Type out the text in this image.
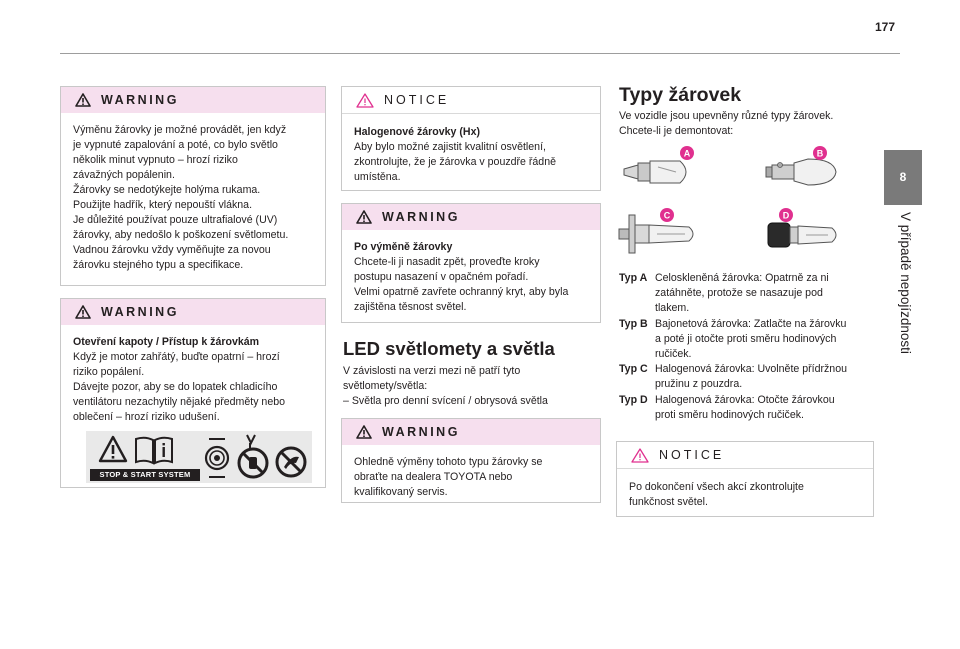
177
8
V případě nepojízdnosti
WARNING

Výměnu žárovky je možné provádět, jen když

je vypnuté zapalování a poté, co bylo světlo

několik minut vypnuto – hrozí riziko

závažných popálenin.

Žárovky se nedotýkejte holýma rukama.

Použijte hadřík, který nepouští vlákna.

Je důležité používat pouze ultrafialové (UV)

žárovky, aby nedošlo k poškození světlometu.

Vadnou žárovku vždy vyměňujte za novou

žárovku stejného typu a specifikace.

WARNING

Otevření kapoty / Přístup k žárovkám

Když je motor zahřátý, buďte opatrní – hrozí

riziko popálení.

Dávejte pozor, aby se do lopatek chladicího

ventilátoru nezachytily nějaké předměty nebo

oblečení – hrozí riziko udušení.

STOP & START SYSTEM
NOTICE

Halogenové žárovky (Hx)

Aby bylo možné zajistit kvalitní osvětlení,

zkontrolujte, že je žárovka v pouzdře řádně

umístěna.

WARNING

Po výměně žárovky

Chcete-li ji nasadit zpět, proveďte kroky

postupu nasazení v opačném pořadí.

Velmi opatrně zavřete ochranný kryt, aby byla

zajištěna těsnost světel.

LED světlomety a světla

V závislosti na verzi mezi ně patří tyto

světlomety/světla:

– Světla pro denní svícení / obrysová světla

WARNING

Ohledně výměny tohoto typu žárovky se

obraťte na dealera TOYOTA nebo

kvalifikovaný servis.

Typy žárovek

Ve vozidle jsou upevněny různé typy žárovek.

Chcete-li je demontovat:

A	B
C	D
Typ A Celoskleněná žárovka: Opatrně za ni
zatáhněte, protože se nasazuje pod
tlakem.
Typ B Bajonetová žárovka: Zatlačte na žárovku
a poté ji otočte proti směru hodinových
ručiček.
Typ C Halogenová žárovka: Uvolněte přídržnou
pružinu z pouzdra.
Typ D Halogenová žárovka: Otočte žárovkou
proti směru hodinových ručiček.
NOTICE

Po dokončení všech akcí zkontrolujte

funkčnost světel.
